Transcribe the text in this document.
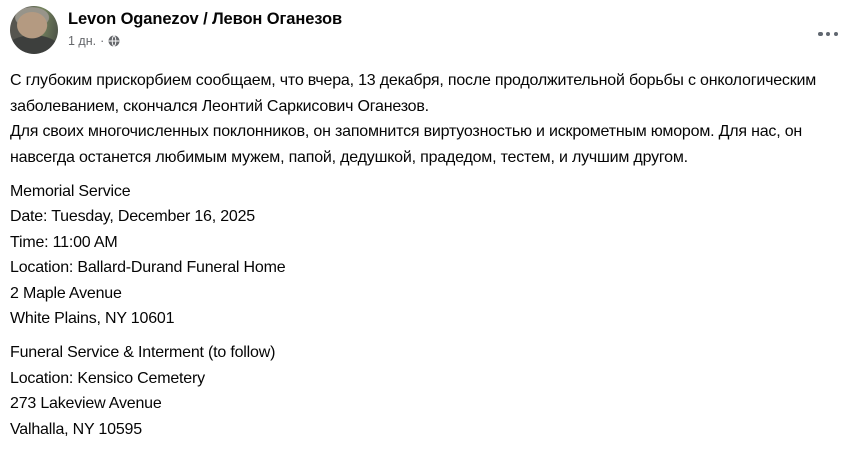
Levon Oganezov / Левон Оганезов
1 дн. ·
С глубоким прискорбием сообщаем, что вчера, 13 декабря, после продолжительной борьбы с онкологическим заболеванием, скончался Леонтий Саркисович Оганезов.
Для своих многочисленных поклонников, он запомнится виртуозностью и искрометным юмором. Для нас, он навсегда останется любимым мужем, папой, дедушкой, прадедом, тестем, и лучшим другом.
Memorial Service
Date: Tuesday, December 16, 2025
Time: 11:00 AM
Location: Ballard-Durand Funeral Home
2 Maple Avenue
White Plains, NY 10601
Funeral Service & Interment (to follow)
Location: Kensico Cemetery
273 Lakeview Avenue
Valhalla, NY 10595
